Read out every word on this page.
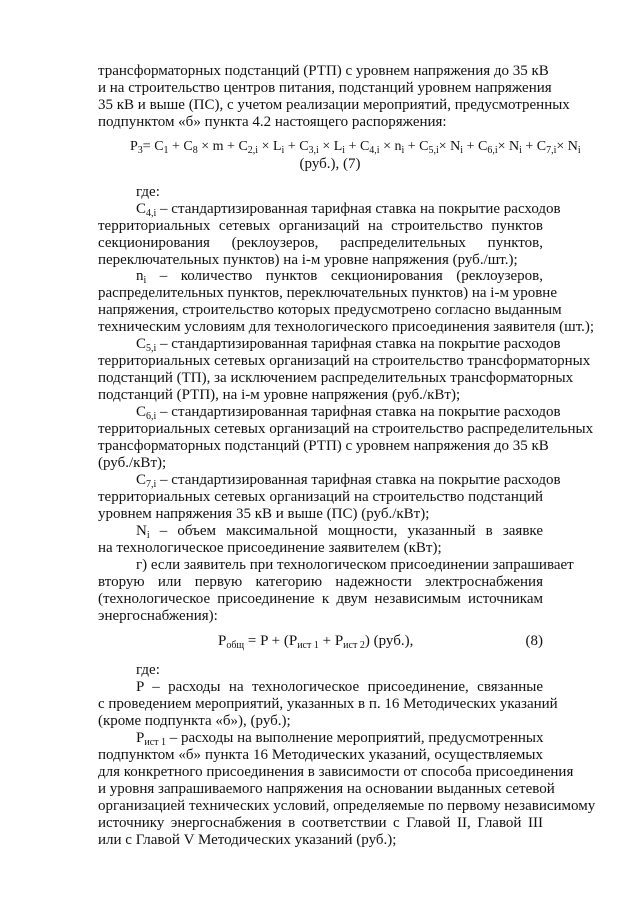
трансформаторных подстанций (РТП) с уровнем напряжения до 35 кВ
и на строительство центров питания, подстанций уровнем напряжения
35 кВ и выше (ПС), с учетом реализации мероприятий, предусмотренных
подпунктом «б» пункта 4.2 настоящего распоряжения:
$P_3= C_1 + C_8 \times m + C_{2,i} \times L_i + C_{3,i} \times L_i + C_{4,i} \times n_i + C_{5,i}\times N_i + C_{6,i}\times N_i + C_{7,i}\times N_i$
(руб.), (7)
где:
$C_{4,i}$ – стандартизированная тарифная ставка на покрытие расходов
территориальных сетевых организаций на строительство пунктов
секционирования (реклоузеров, распределительных пунктов,
переключательных пунктов) на i-м уровне напряжения (руб./шт.);
$n_i$ – количество пунктов секционирования (реклоузеров,
распределительных пунктов, переключательных пунктов) на i-м уровне
напряжения, строительство которых предусмотрено согласно выданным
техническим условиям для технологического присоединения заявителя (шт.);
$C_{5,i}$ – стандартизированная тарифная ставка на покрытие расходов
территориальных сетевых организаций на строительство трансформаторных
подстанций (ТП), за исключением распределительных трансформаторных
подстанций (РТП), на i-м уровне напряжения (руб./кВт);
$C_{6,i}$ – стандартизированная тарифная ставка на покрытие расходов
территориальных сетевых организаций на строительство распределительных
трансформаторных подстанций (РТП) с уровнем напряжения до 35 кВ
(руб./кВт);
$C_{7,i}$ – стандартизированная тарифная ставка на покрытие расходов
территориальных сетевых организаций на строительство подстанций
уровнем напряжения 35 кВ и выше (ПС) (руб./кВт);
$N_i$ – объем максимальной мощности, указанный в заявке
на технологическое присоединение заявителем (кВт);
г) если заявитель при технологическом присоединении запрашивает
вторую или первую категорию надежности электроснабжения
(технологическое присоединение к двум независимым источникам
энергоснабжения):
$P_{общ} = P + (P_{ист 1} + P_{ист 2})$ (руб.),	(8)
где:
P – расходы на технологическое присоединение, связанные
с проведением мероприятий, указанных в п. 16 Методических указаний
(кроме подпункта «б»), (руб.);
$P_{ист 1}$ – расходы на выполнение мероприятий, предусмотренных
подпунктом «б» пункта 16 Методических указаний, осуществляемых
для конкретного присоединения в зависимости от способа присоединения
и уровня запрашиваемого напряжения на основании выданных сетевой
организацией технических условий, определяемые по первому независимому
источнику энергоснабжения в соответствии с Главой II, Главой III
или с Главой V Методических указаний (руб.);
